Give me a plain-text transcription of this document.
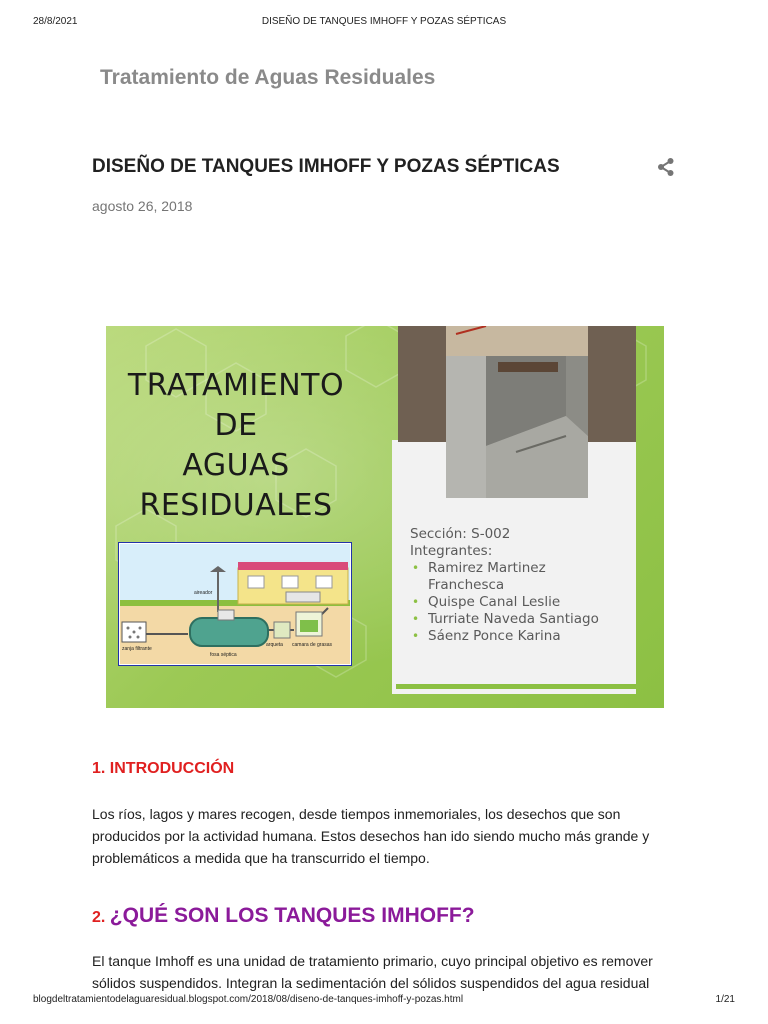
28/8/2021	DISEÑO DE TANQUES IMHOFF Y POZAS SÉPTICAS
Tratamiento de Aguas Residuales
DISEÑO DE TANQUES IMHOFF Y POZAS SÉPTICAS
agosto 26, 2018
TRATAMIENTO
DE
AGUAS
RESIDUALES
aireador
zanja filtrante
fosa séptica
arqueta camara de grasas
Sección: S-002
Integrantes:
• Ramirez Martinez
Franchesca
• Quispe Canal Leslie
• Turriate Naveda Santiago
• Sáenz Ponce Karina
1. INTRODUCCIÓN
Los ríos, lagos y mares recogen, desde tiempos inmemoriales, los desechos que son
producidos por la actividad humana. Estos desechos han ido siendo mucho más grande y
problemáticos a medida que ha transcurrido el tiempo.
2. ¿QUÉ SON LOS TANQUES IMHOFF?
El tanque Imhoff es una unidad de tratamiento primario, cuyo principal objetivo es remover
sólidos suspendidos. Integran la sedimentación del sólidos suspendidos del agua residual
blogdeltratamientodelaguaresidual.blogspot.com/2018/08/diseno-de-tanques-imhoff-y-pozas.html	1/21
